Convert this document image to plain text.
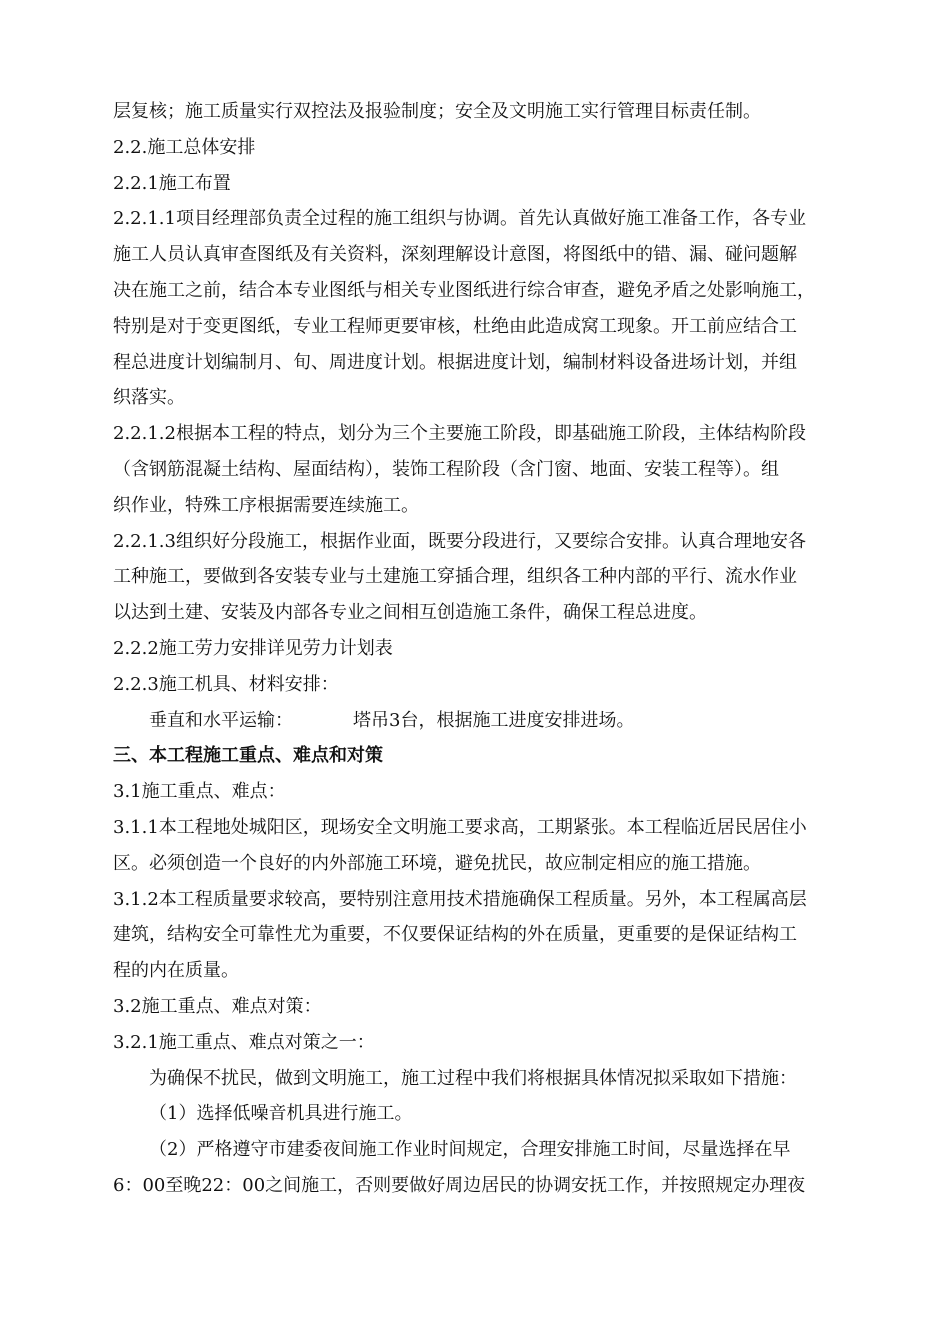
层复核；施工质量实行双控法及报验制度；安全及文明施工实行管理目标责任制。
2.2.施工总体安排
2.2.1施工布置
2.2.1.1项目经理部负责全过程的施工组织与协调。首先认真做好施工准备工作，各专业
施工人员认真审查图纸及有关资料，深刻理解设计意图，将图纸中的错、漏、碰问题解
决在施工之前，结合本专业图纸与相关专业图纸进行综合审查，避免矛盾之处影响施工，
特别是对于变更图纸，专业工程师更要审核，杜绝由此造成窝工现象。开工前应结合工
程总进度计划编制月、旬、周进度计划。根据进度计划，编制材料设备进场计划，并组
织落实。
2.2.1.2根据本工程的特点，划分为三个主要施工阶段，即基础施工阶段，主体结构阶段
（含钢筋混凝土结构、屋面结构），装饰工程阶段（含门窗、地面、安装工程等）。组
织作业，特殊工序根据需要连续施工。
2.2.1.3组织好分段施工，根据作业面，既要分段进行，又要综合安排。认真合理地安各
工种施工，要做到各安装专业与土建施工穿插合理，组织各工种内部的平行、流水作业
以达到土建、安装及内部各专业之间相互创造施工条件，确保工程总进度。
2.2.2施工劳力安排详见劳力计划表
2.2.3施工机具、材料安排：
垂直和水平运输：	塔吊3台，根据施工进度安排进场。
三、本工程施工重点、难点和对策
3.1施工重点、难点：
3.1.1本工程地处城阳区，现场安全文明施工要求高，工期紧张。本工程临近居民居住小
区。必须创造一个良好的内外部施工环境，避免扰民，故应制定相应的施工措施。
3.1.2本工程质量要求较高，要特别注意用技术措施确保工程质量。另外，本工程属高层
建筑，结构安全可靠性尤为重要，不仅要保证结构的外在质量，更重要的是保证结构工
程的内在质量。
3.2施工重点、难点对策：
3.2.1施工重点、难点对策之一：
为确保不扰民，做到文明施工，施工过程中我们将根据具体情况拟采取如下措施：
（1）选择低噪音机具进行施工。
（2）严格遵守市建委夜间施工作业时间规定，合理安排施工时间，尽量选择在早
6：00至晚22：00之间施工，否则要做好周边居民的协调安抚工作，并按照规定办理夜
